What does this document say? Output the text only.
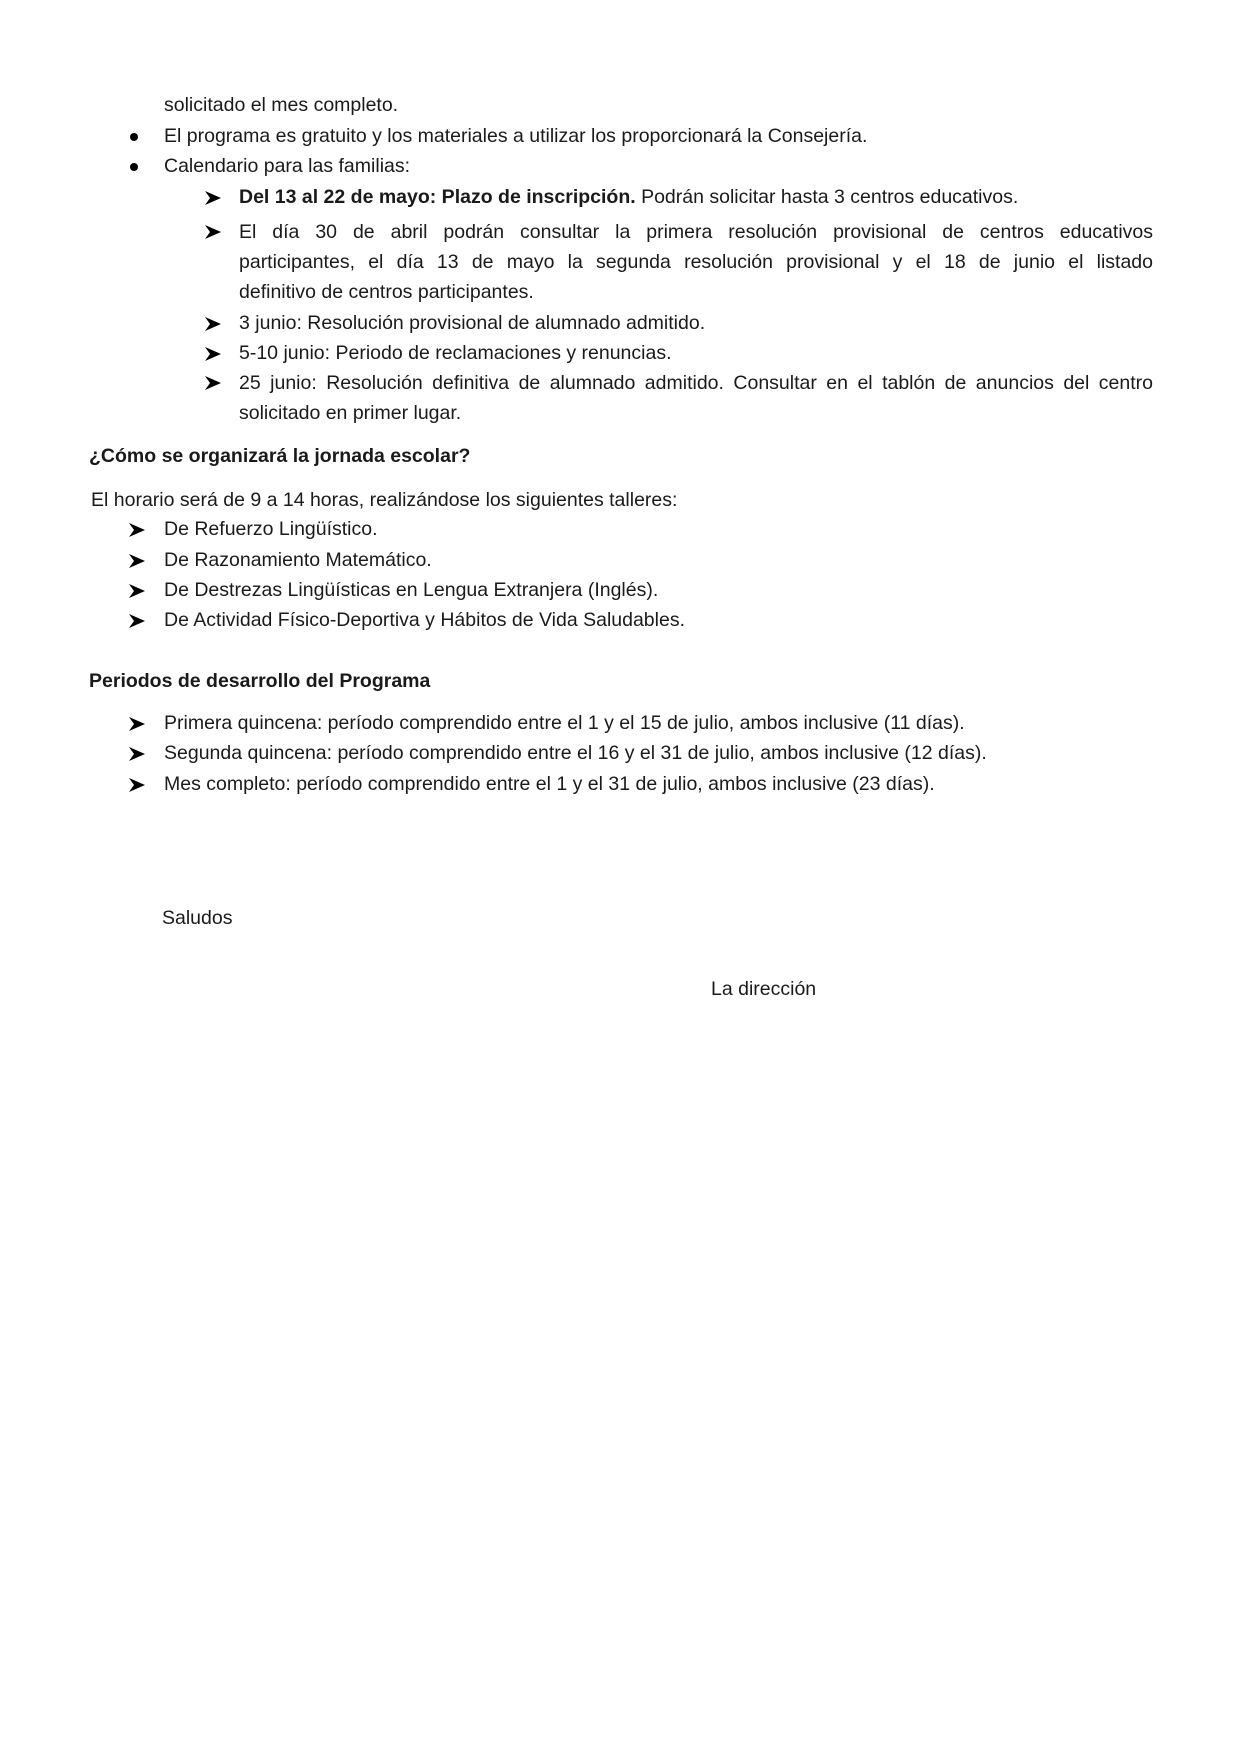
solicitado el mes completo.
El programa es gratuito y los materiales a utilizar los proporcionará la Consejería.
Calendario para las familias:
Del 13 al 22 de mayo: Plazo de inscripción. Podrán solicitar hasta 3 centros educativos.
El día 30 de abril podrán consultar la primera resolución provisional de centros educativos
participantes, el día 13 de mayo la segunda resolución provisional y el 18 de junio el listado
definitivo de centros participantes.
3 junio: Resolución provisional de alumnado admitido.
5-10 junio: Periodo de reclamaciones y renuncias.
25 junio: Resolución definitiva de alumnado admitido. Consultar en el tablón de anuncios del centro
solicitado en primer lugar.
¿Cómo se organizará la jornada escolar?
El horario será de 9 a 14 horas, realizándose los siguientes talleres:
De Refuerzo Lingüístico.
De Razonamiento Matemático.
De Destrezas Lingüísticas en Lengua Extranjera (Inglés).
De Actividad Físico-Deportiva y Hábitos de Vida Saludables.
Periodos de desarrollo del Programa
Primera quincena: período comprendido entre el 1 y el 15 de julio, ambos inclusive (11 días).
Segunda quincena: período comprendido entre el 16 y el 31 de julio, ambos inclusive (12 días).
Mes completo: período comprendido entre el 1 y el 31 de julio, ambos inclusive (23 días).
Saludos
La dirección
